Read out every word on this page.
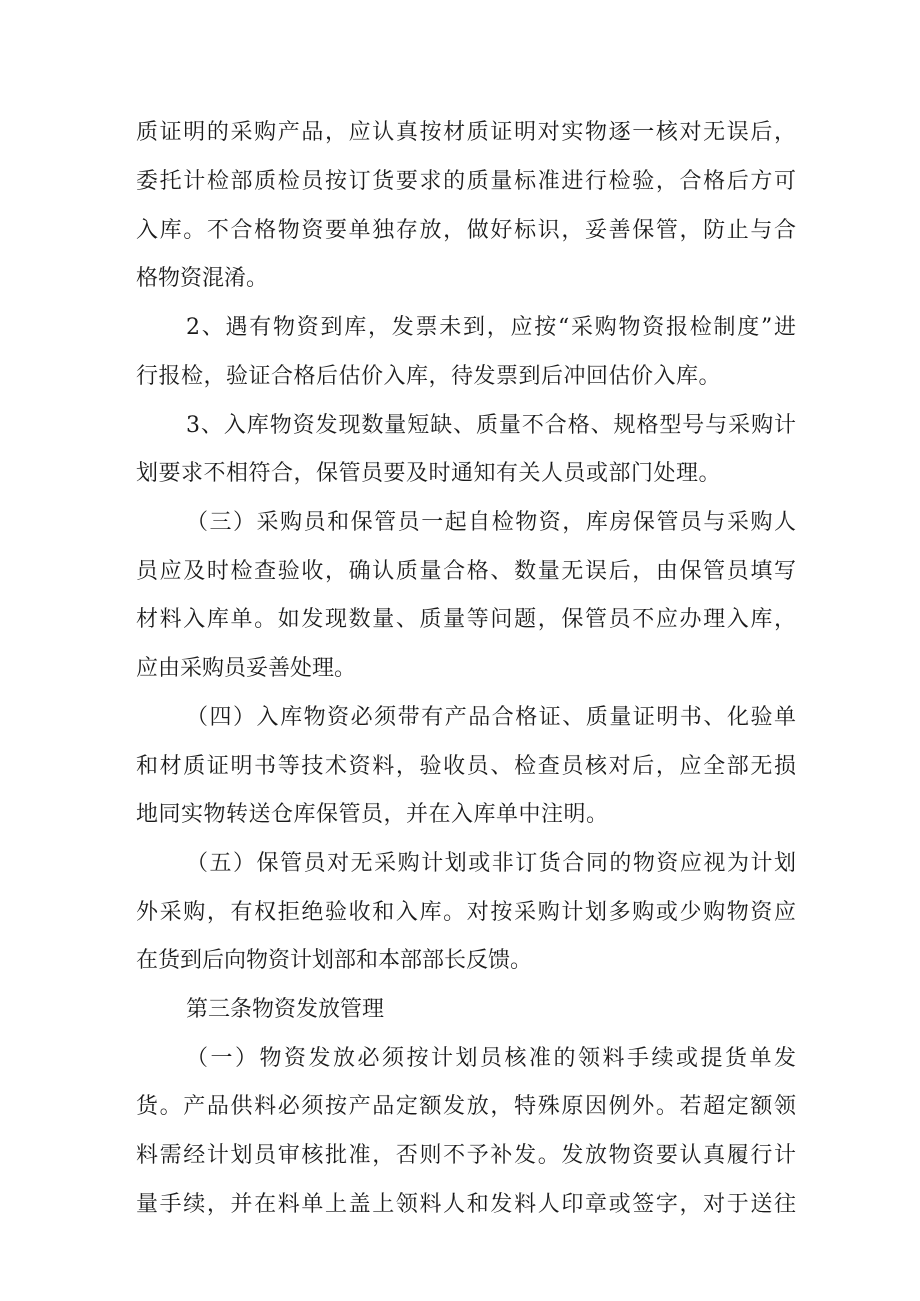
质证明的采购产品，应认真按材质证明对实物逐一核对无误后，
委托计检部质检员按订货要求的质量标准进行检验，合格后方可
入库。不合格物资要单独存放，做好标识，妥善保管，防止与合
格物资混淆。
2、遇有物资到库，发票未到，应按“采购物资报检制度”进
行报检，验证合格后估价入库，待发票到后冲回估价入库。
3、入库物资发现数量短缺、质量不合格、规格型号与采购计
划要求不相符合，保管员要及时通知有关人员或部门处理。
（三）采购员和保管员一起自检物资，库房保管员与采购人
员应及时检查验收，确认质量合格、数量无误后，由保管员填写
材料入库单。如发现数量、质量等问题，保管员不应办理入库，
应由采购员妥善处理。
（四）入库物资必须带有产品合格证、质量证明书、化验单
和材质证明书等技术资料，验收员、检查员核对后，应全部无损
地同实物转送仓库保管员，并在入库单中注明。
（五）保管员对无采购计划或非订货合同的物资应视为计划
外采购，有权拒绝验收和入库。对按采购计划多购或少购物资应
在货到后向物资计划部和本部部长反馈。
第三条物资发放管理
（一）物资发放必须按计划员核准的领料手续或提货单发
货。产品供料必须按产品定额发放，特殊原因例外。若超定额领
料需经计划员审核批准，否则不予补发。发放物资要认真履行计
量手续，并在料单上盖上领料人和发料人印章或签字，对于送往
